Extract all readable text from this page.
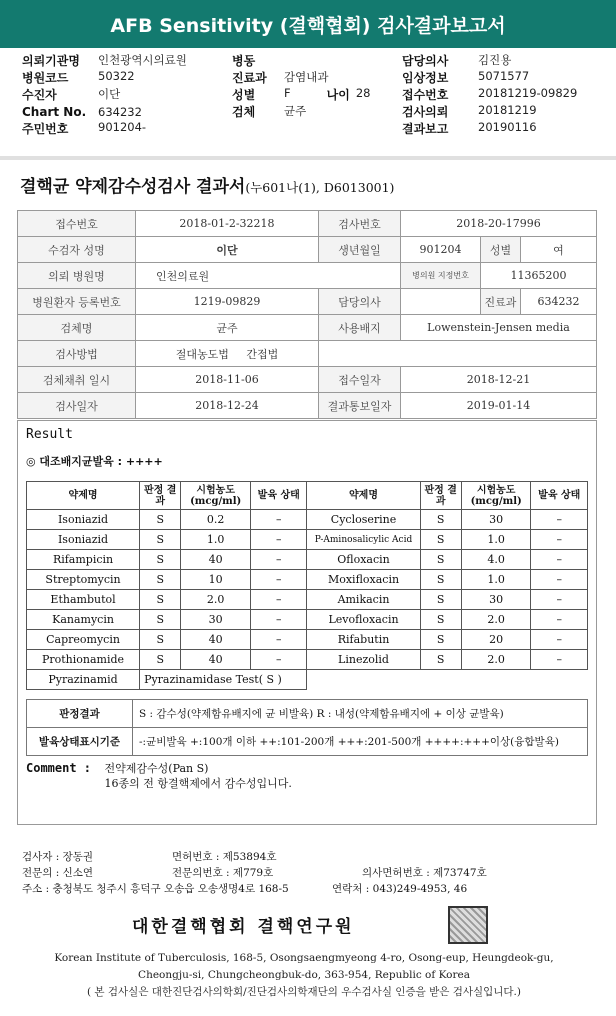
AFB Sensitivity (결핵협회) 검사결과보고서
의뢰기관명	인천광역시의료원	병동	담당의사	김진용
병원코드	50322	진료과	감염내과	임상정보	5071577
수진자	이단	성별	F	나이 28	접수번호	20181219-09829
Chart No.	634232	검체	균주	검사의뢰	20181219
주민번호	901204-	결과보고	20190116
결핵균 약제감수성검사 결과서(누601나(1), D6013001)
접수번호	2018-01-2-32218	검사번호	2018-20-17996		
수검자 성명	이단	생년월일	901204	성별	여
의뢰 병원명	인천의료원		병의원 지정번호	11365200	
병원환자 등록번호	1219-09829	담당의사		진료과	634232
검체명	균주	사용배지	Lowenstein-Jensen media		
검사방법	절대농도법 간접법				
검체채취 일시	2018-11-06	접수일자	2018-12-21		
검사일자	2018-12-24	결과통보일자	2019-01-14		
Result
◎ 대조배지균발육 : ++++
약제명	판정 결과	시험농도 (mcg/ml)	발육 상태	약제명	판정 결과	시험농도 (mcg/ml)	발육 상태
Isoniazid	S	0.2	–	Cycloserine	S	30	–
Isoniazid	S	1.0	–	P-Aminosalicylic Acid	S	1.0	–
Rifampicin	S	40	–	Ofloxacin	S	4.0	–
Streptomycin	S	10	–	Moxifloxacin	S	1.0	–
Ethambutol	S	2.0	–	Amikacin	S	30	–
Kanamycin	S	30	–	Levofloxacin	S	2.0	–
Capreomycin	S	40	–	Rifabutin	S	20	–
Prothionamide	S	40	–	Linezolid	S	2.0	–
Pyrazinamid	Pyrazinamidase Test( S )						
판정결과	S : 감수성(약제함유배지에 균 비발육) R : 내성(약제함유배지에 + 이상 균발육)
발육상태표시기준	-:균비발육 +:100개 이하 ++:101-200개 +++:201-500개 ++++:+++이상(융합발육)
Comment : 전약제감수성(Pan S)
16종의 전 항결핵제에서 감수성입니다.
검사자 : 장동권	면허번호 : 제53894호
전문의 : 신소연	전문의번호 : 제779호	의사면허번호 : 제73747호
주소 : 충청북도 청주시 흥덕구 오송읍 오송생명4로 168-5	연락처 : 043)249-4953, 46
대한결핵협회 결핵연구원
Korean Institute of Tuberculosis, 168-5, Osongsaengmyeong 4-ro, Osong-eup, Heungdeok-gu,
Cheongju-si, Chungcheongbuk-do, 363-954, Republic of Korea
( 본 검사실은 대한진단검사의학회/진단검사의학재단의 우수검사실 인증을 받은 검사실입니다.)
